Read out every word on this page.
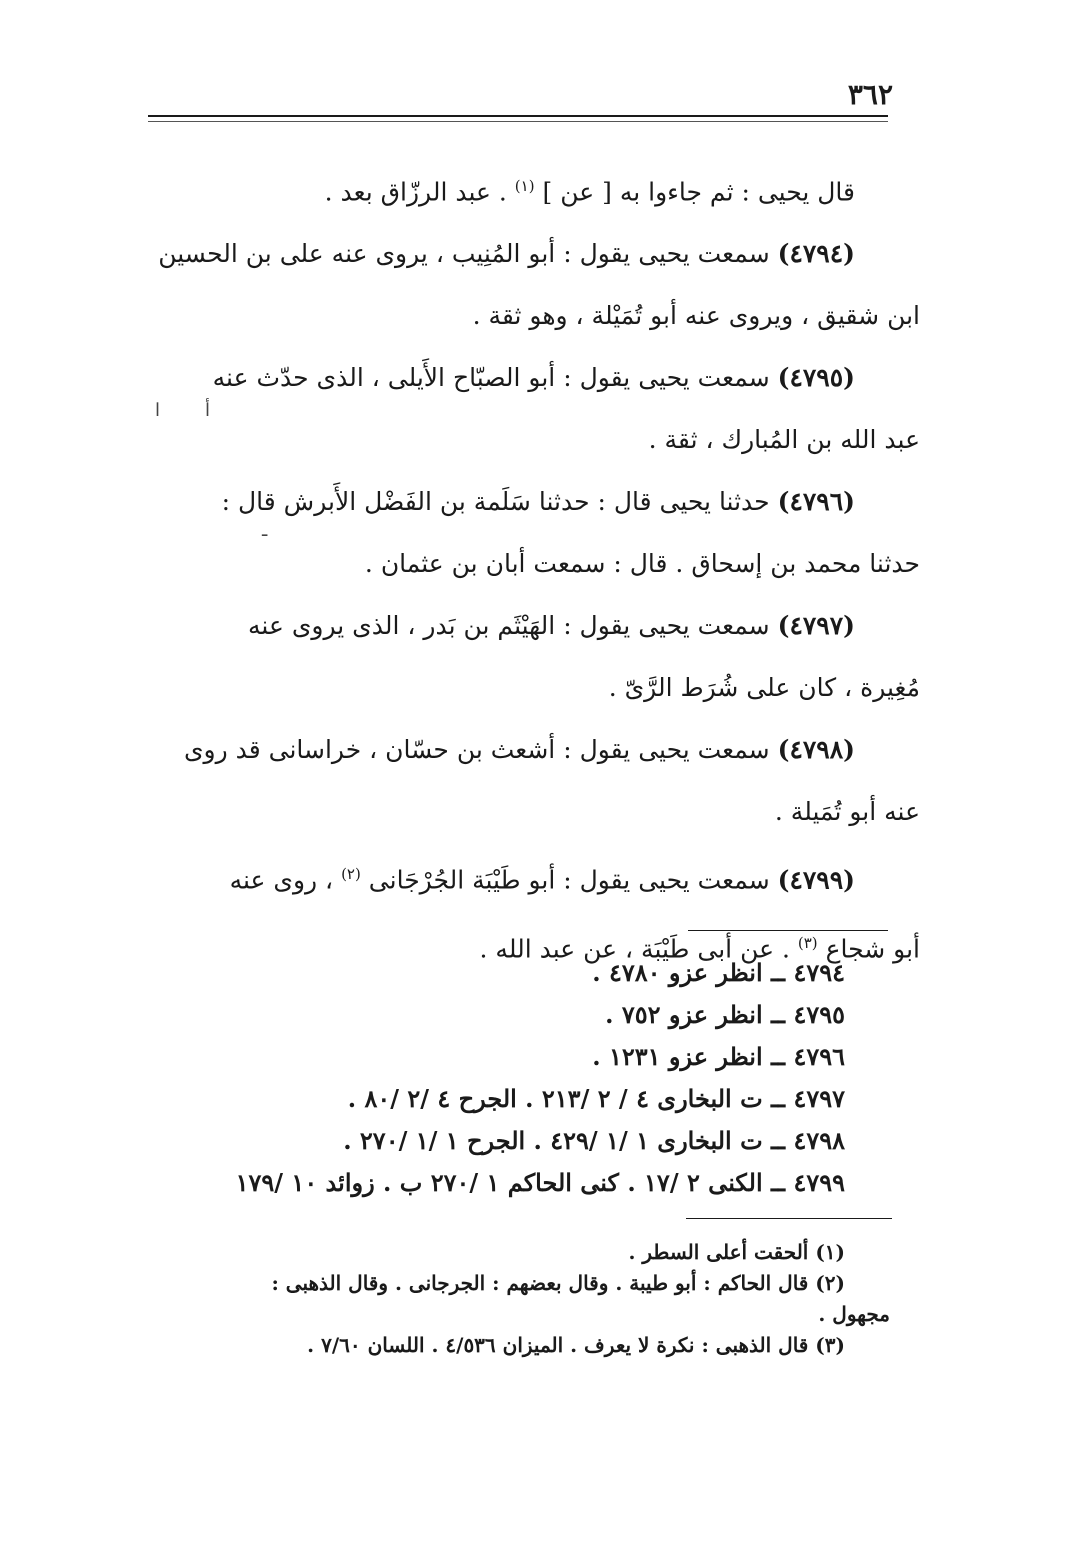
٣٦٢
قال يحيى : ثم جاءوا به [ عن ] $^{(١)}$ . عبد الرزّاق بعد .
(٤٧٩٤) سمعت يحيى يقول : أبو المُنِيب ، يروى عنه على بن الحسين
ابن شقيق ، ويروى عنه أبو تُمَيْلة ، وهو ثقة .
(٤٧٩٥) سمعت يحيى يقول : أبو الصبّاح الأَيلى ، الذى حدّث عنه
عبد الله بن المُبارك ، ثقة .
(٤٧٩٦) حدثنا يحيى قال : حدثنا سَلَمة بن الفَضْل الأَبرش قال :
حدثنا محمد بن إسحاق . قال : سمعت أبان بن عثمان .
(٤٧٩٧) سمعت يحيى يقول : الهَيْثَم بن بَدر ، الذى يروى عنه
مُغِيرة ، كان على شُرَط الرَّىّ .
(٤٧٩٨) سمعت يحيى يقول : أشعث بن حسّان ، خراسانى قد روى
عنه أبو تُمَيلة .
(٤٧٩٩) سمعت يحيى يقول : أبو طَيْبَة الجُرْجَانى $^{(٢)}$ ، روى عنه
أبو شجاع $^{(٣)}$ . عن أبى طَيْبَة ، عن عبد الله .
أ
ا
ـ
٤٧٩٤ ــ انظر عزو ٤٧٨٠ .
٤٧٩٥ ــ انظر عزو ٧٥٢ .
٤٧٩٦ ــ انظر عزو ١٢٣١ .
٤٧٩٧ ــ ت البخارى ٤ / ٢ /٢١٣ . الجرح ٤ /٢ /٨٠ .
٤٧٩٨ ــ ت البخارى ١ /١ /٤٢٩ . الجرح ١ /١ /٢٧٠ .
٤٧٩٩ ــ الكنى ٢ /١٧ . كنى الحاكم ١ /٢٧٠ ب . زوائد ١٠ /١٧٩
(١) ألحقت أعلى السطر .
(٢) قال الحاكم : أبو طيبة . وقال بعضهم : الجرجانى . وقال الذهبى :
مجهول .
(٣) قال الذهبى : نكرة لا يعرف . الميزان ٤/٥٣٦ . اللسان ٧/٦٠ .
